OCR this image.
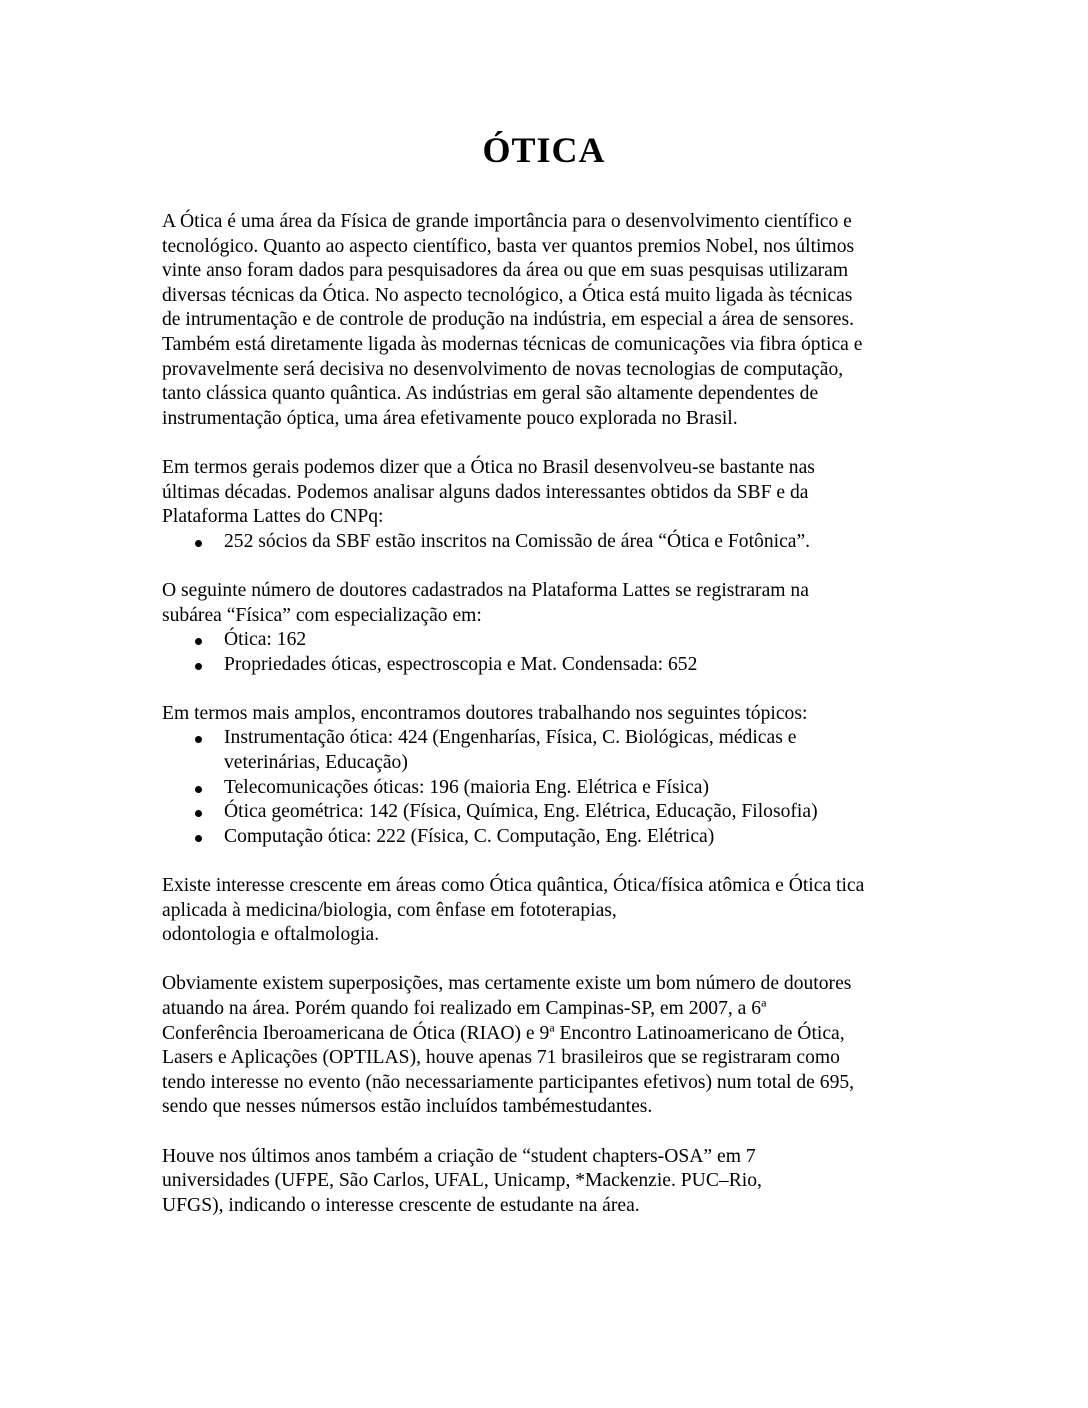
ÓTICA

A Ótica é uma área da Física de grande importância para o desenvolvimento científico e
tecnológico. Quanto ao aspecto científico, basta ver quantos premios Nobel, nos últimos
vinte anso foram dados para pesquisadores da área ou que em suas pesquisas utilizaram
diversas técnicas da Ótica. No aspecto tecnológico, a Ótica está muito ligada às técnicas
de intrumentação e de controle de produção na indústria, em especial a área de sensores.
Também está diretamente ligada às modernas técnicas de comunicações via fibra óptica e
provavelmente será decisiva no desenvolvimento de novas tecnologias de computação,
tanto clássica quanto quântica. As indústrias em geral são altamente dependentes de
instrumentação óptica, uma área efetivamente pouco explorada no Brasil.

Em termos gerais podemos dizer que a Ótica no Brasil desenvolveu-se bastante nas
últimas décadas. Podemos analisar alguns dados interessantes obtidos da SBF e da
Plataforma Lattes do CNPq:

252 sócios da SBF estão inscritos na Comissão de área “Ótica e Fotônica”.

O seguinte número de doutores cadastrados na Plataforma Lattes se registraram na
subárea “Física” com especialização em:

Ótica: 162
Propriedades óticas, espectroscopia e Mat. Condensada: 652

Em termos mais amplos, encontramos doutores trabalhando nos seguintes tópicos:

Instrumentação ótica: 424 (Engenharías, Física, C. Biológicas, médicas e
veterinárias, Educação)
Telecomunicações óticas: 196 (maioria Eng. Elétrica e Física)
Ótica geométrica: 142 (Física, Química, Eng. Elétrica, Educação, Filosofia)
Computação ótica: 222 (Física, C. Computação, Eng. Elétrica)

Existe interesse crescente em áreas como Ótica quântica, Ótica/física atômica e Ótica tica
aplicada à medicina/biologia, com ênfase em fototerapias,
odontologia e oftalmologia.

Obviamente existem superposições, mas certamente existe um bom número de doutores
atuando na área. Porém quando foi realizado em Campinas-SP, em 2007, a 6$^a$
Conferência Iberoamericana de Ótica (RIAO) e 9$^a$ Encontro Latinoamericano de Ótica,
Lasers e Aplicações (OPTILAS), houve apenas 71 brasileiros que se registraram como
tendo interesse no evento (não necessariamente participantes efetivos) num total de 695,
sendo que nesses númersos estão incluídos tambémestudantes.

Houve nos últimos anos também a criação de “student chapters-OSA” em 7
universidades (UFPE, São Carlos, UFAL, Unicamp, *Mackenzie. PUC–Rio,
UFGS), indicando o interesse crescente de estudante na área.
